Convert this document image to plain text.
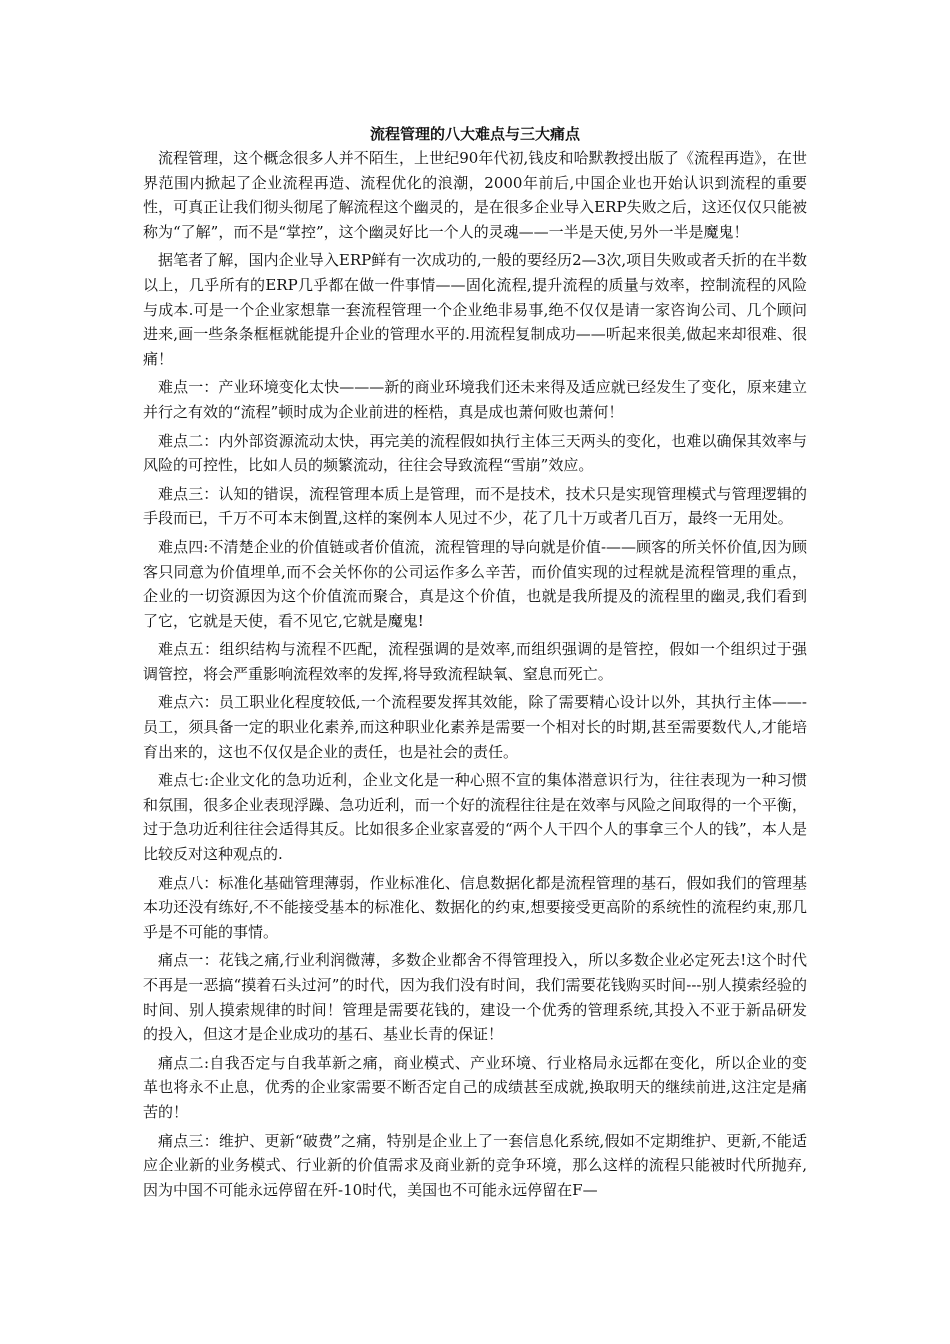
流程管理的八大难点与三大痛点

流程管理，这个概念很多人并不陌生，上世纪90年代初,钱皮和哈默教授出版了《流程再造》，在世界范围内掀起了企业流程再造、流程优化的浪潮，2000年前后,中国企业也开始认识到流程的重要性，可真正让我们彻头彻尾了解流程这个幽灵的，是在很多企业导入ERP失败之后，这还仅仅只能被称为“了解”，而不是“掌控”，这个幽灵好比一个人的灵魂——一半是天使,另外一半是魔鬼！

据笔者了解，国内企业导入ERP鲜有一次成功的,一般的要经历2—3次,项目失败或者夭折的在半数以上，几乎所有的ERP几乎都在做一件事情——固化流程,提升流程的质量与效率，控制流程的风险与成本.可是一个企业家想靠一套流程管理一个企业绝非易事,绝不仅仅是请一家咨询公司、几个顾问进来,画一些条条框框就能提升企业的管理水平的.用流程复制成功——听起来很美,做起来却很难、很痛！

难点一：产业环境变化太快———新的商业环境我们还未来得及适应就已经发生了变化，原来建立并行之有效的“流程”顿时成为企业前进的桎梏，真是成也萧何败也萧何！

难点二：内外部资源流动太快，再完美的流程假如执行主体三天两头的变化，也难以确保其效率与风险的可控性，比如人员的频繁流动，往往会导致流程“雪崩”效应。

难点三：认知的错误，流程管理本质上是管理，而不是技术，技术只是实现管理模式与管理逻辑的手段而已，千万不可本末倒置,这样的案例本人见过不少，花了几十万或者几百万，最终一无用处。

难点四:不清楚企业的价值链或者价值流，流程管理的导向就是价值-——顾客的所关怀价值,因为顾客只同意为价值埋单,而不会关怀你的公司运作多么辛苦，而价值实现的过程就是流程管理的重点，企业的一切资源因为这个价值流而聚合，真是这个价值，也就是我所提及的流程里的幽灵,我们看到了它，它就是天使，看不见它,它就是魔鬼!

难点五：组织结构与流程不匹配，流程强调的是效率,而组织强调的是管控，假如一个组织过于强调管控，将会严重影响流程效率的发挥,将导致流程缺氧、窒息而死亡。

难点六：员工职业化程度较低,一个流程要发挥其效能，除了需要精心设计以外，其执行主体——-员工，须具备一定的职业化素养,而这种职业化素养是需要一个相对长的时期,甚至需要数代人,才能培育出来的，这也不仅仅是企业的责任，也是社会的责任。

难点七:企业文化的急功近利，企业文化是一种心照不宣的集体潜意识行为，往往表现为一种习惯和氛围，很多企业表现浮躁、急功近利，而一个好的流程往往是在效率与风险之间取得的一个平衡，过于急功近利往往会适得其反。比如很多企业家喜爱的“两个人干四个人的事拿三个人的钱”，本人是比较反对这种观点的.

难点八：标准化基础管理薄弱，作业标准化、信息数据化都是流程管理的基石，假如我们的管理基本功还没有练好,不不能接受基本的标准化、数据化的约束,想要接受更高阶的系统性的流程约束,那几乎是不可能的事情。

痛点一：花钱之痛,行业利润微薄，多数企业都舍不得管理投入，所以多数企业必定死去!这个时代不再是一恶搞“摸着石头过河”的时代，因为我们没有时间，我们需要花钱购买时间---别人摸索经验的时间、别人摸索规律的时间！管理是需要花钱的，建设一个优秀的管理系统,其投入不亚于新品研发的投入，但这才是企业成功的基石、基业长青的保证！

痛点二:自我否定与自我革新之痛，商业模式、产业环境、行业格局永远都在变化，所以企业的变革也将永不止息，优秀的企业家需要不断否定自己的成绩甚至成就,换取明天的继续前进,这注定是痛苦的！

痛点三：维护、更新“破费”之痛，特别是企业上了一套信息化系统,假如不定期维护、更新,不能适应企业新的业务模式、行业新的价值需求及商业新的竞争环境，那么这样的流程只能被时代所抛弃,因为中国不可能永远停留在歼-10时代，美国也不可能永远停留在F—
